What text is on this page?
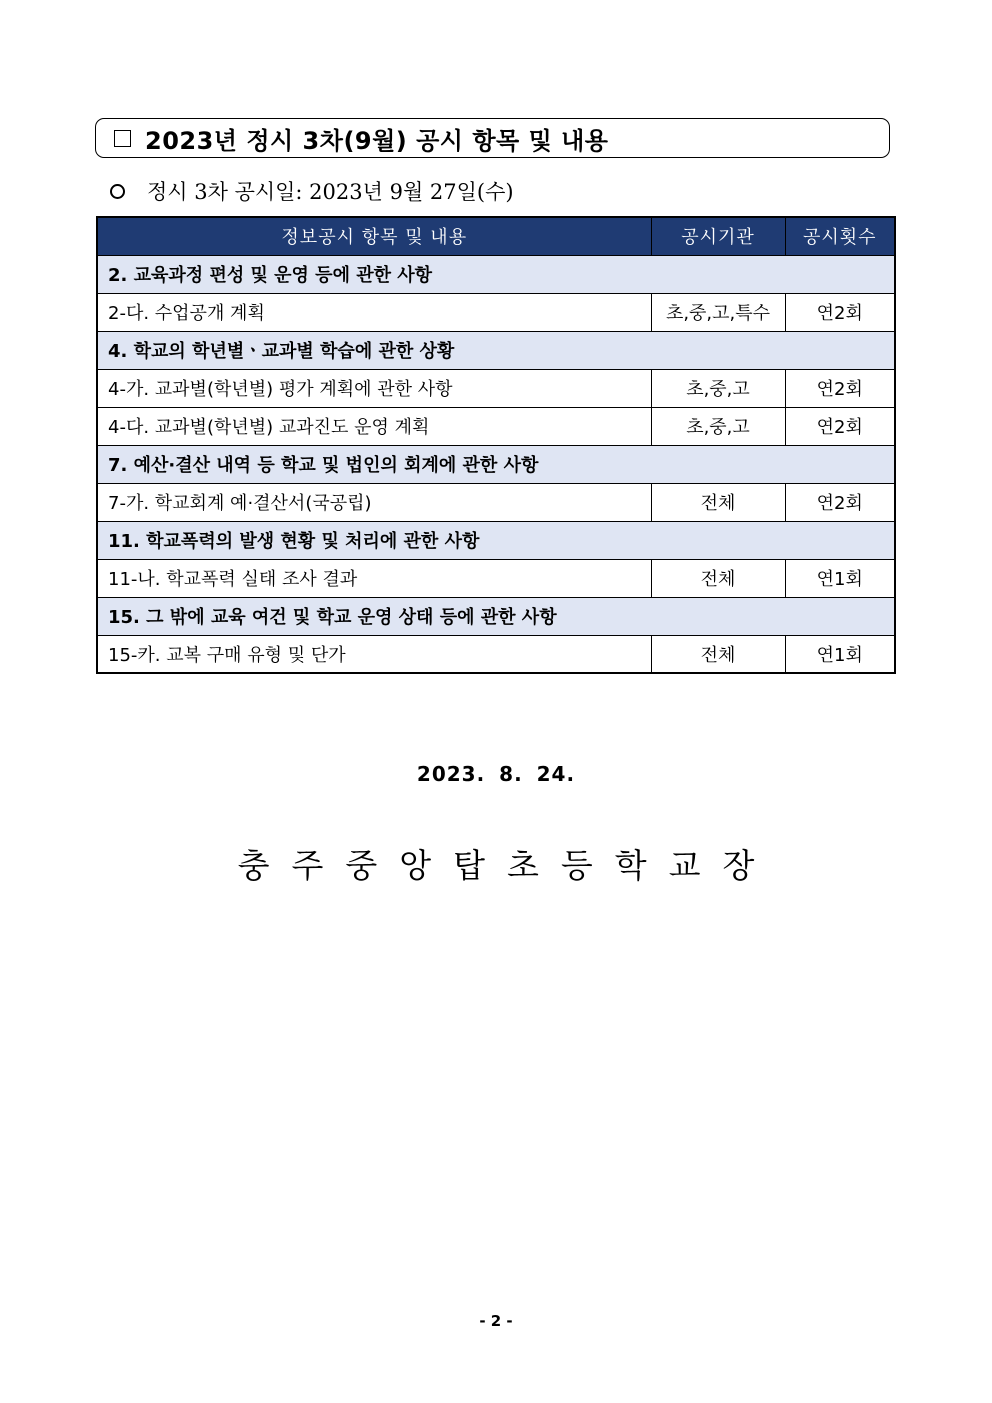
2023년 정시 3차(9월) 공시 항목 및 내용
정시 3차 공시일: 2023년 9월 27일(수)
정보공시 항목 및 내용	공시기관	공시횟수
2. 교육과정 편성 및 운영 등에 관한 사항		
2-다. 수업공개 계획	초,중,고,특수	연2회
4. 학교의 학년별ㆍ교과별 학습에 관한 상황		
4-가. 교과별(학년별) 평가 계획에 관한 사항	초,중,고	연2회
4-다. 교과별(학년별) 교과진도 운영 계획	초,중,고	연2회
7. 예산·결산 내역 등 학교 및 법인의 회계에 관한 사항		
7-가. 학교회계 예·결산서(국공립)	전체	연2회
11. 학교폭력의 발생 현황 및 처리에 관한 사항		
11-나. 학교폭력 실태 조사 결과	전체	연1회
15. 그 밖에 교육 여건 및 학교 운영 상태 등에 관한 사항		
15-카. 교복 구매 유형 및 단가	전체	연1회
2023. 8. 24.
충주중앙탑초등학교장
- 2 -
